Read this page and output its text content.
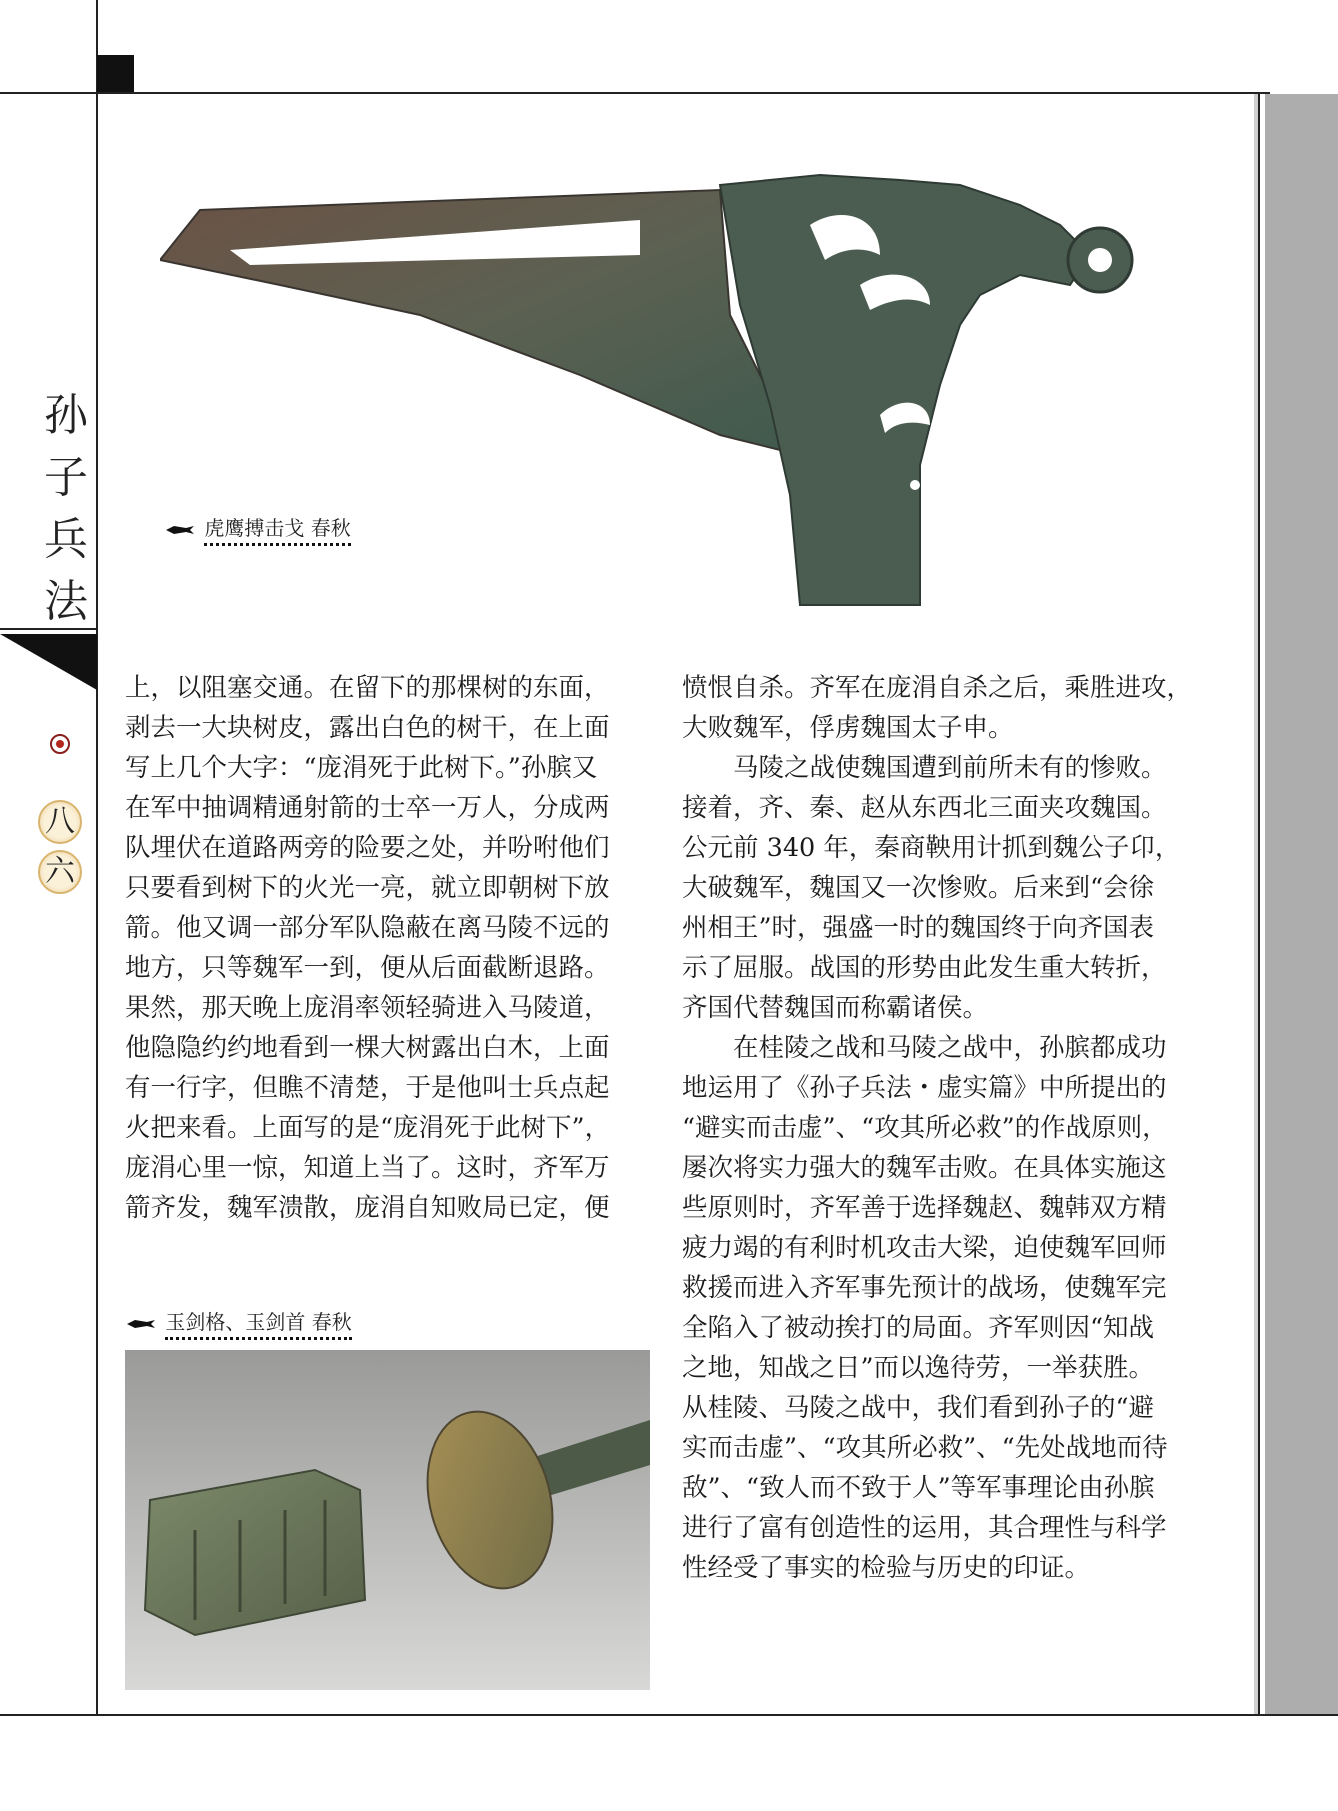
孙
子
兵
法
八
六
虎鹰搏击戈 春秋
上，以阻塞交通。在留下的那棵树的东面，
剥去一大块树皮，露出白色的树干，在上面
写上几个大字：“庞涓死于此树下。”孙膑又
在军中抽调精通射箭的士卒一万人，分成两
队埋伏在道路两旁的险要之处，并吩咐他们
只要看到树下的火光一亮，就立即朝树下放
箭。他又调一部分军队隐蔽在离马陵不远的
地方，只等魏军一到，便从后面截断退路。
果然，那天晚上庞涓率领轻骑进入马陵道，
他隐隐约约地看到一棵大树露出白木，上面
有一行字，但瞧不清楚，于是他叫士兵点起
火把来看。上面写的是“庞涓死于此树下”，
庞涓心里一惊，知道上当了。这时，齐军万
箭齐发，魏军溃散，庞涓自知败局已定，便
玉剑格、玉剑首 春秋
愤恨自杀。齐军在庞涓自杀之后，乘胜进攻，
大败魏军，俘虏魏国太子申。
　　马陵之战使魏国遭到前所未有的惨败。
接着，齐、秦、赵从东西北三面夹攻魏国。
公元前 340 年，秦商鞅用计抓到魏公子卬，
大破魏军，魏国又一次惨败。后来到“会徐
州相王”时，强盛一时的魏国终于向齐国表
示了屈服。战国的形势由此发生重大转折，
齐国代替魏国而称霸诸侯。
　　在桂陵之战和马陵之战中，孙膑都成功
地运用了《孙子兵法・虚实篇》中所提出的
“避实而击虚”、“攻其所必救”的作战原则，
屡次将实力强大的魏军击败。在具体实施这
些原则时，齐军善于选择魏赵、魏韩双方精
疲力竭的有利时机攻击大梁，迫使魏军回师
救援而进入齐军事先预计的战场，使魏军完
全陷入了被动挨打的局面。齐军则因“知战
之地，知战之日”而以逸待劳，一举获胜。
从桂陵、马陵之战中，我们看到孙子的“避
实而击虚”、“攻其所必救”、“先处战地而待
敌”、“致人而不致于人”等军事理论由孙膑
进行了富有创造性的运用，其合理性与科学
性经受了事实的检验与历史的印证。
